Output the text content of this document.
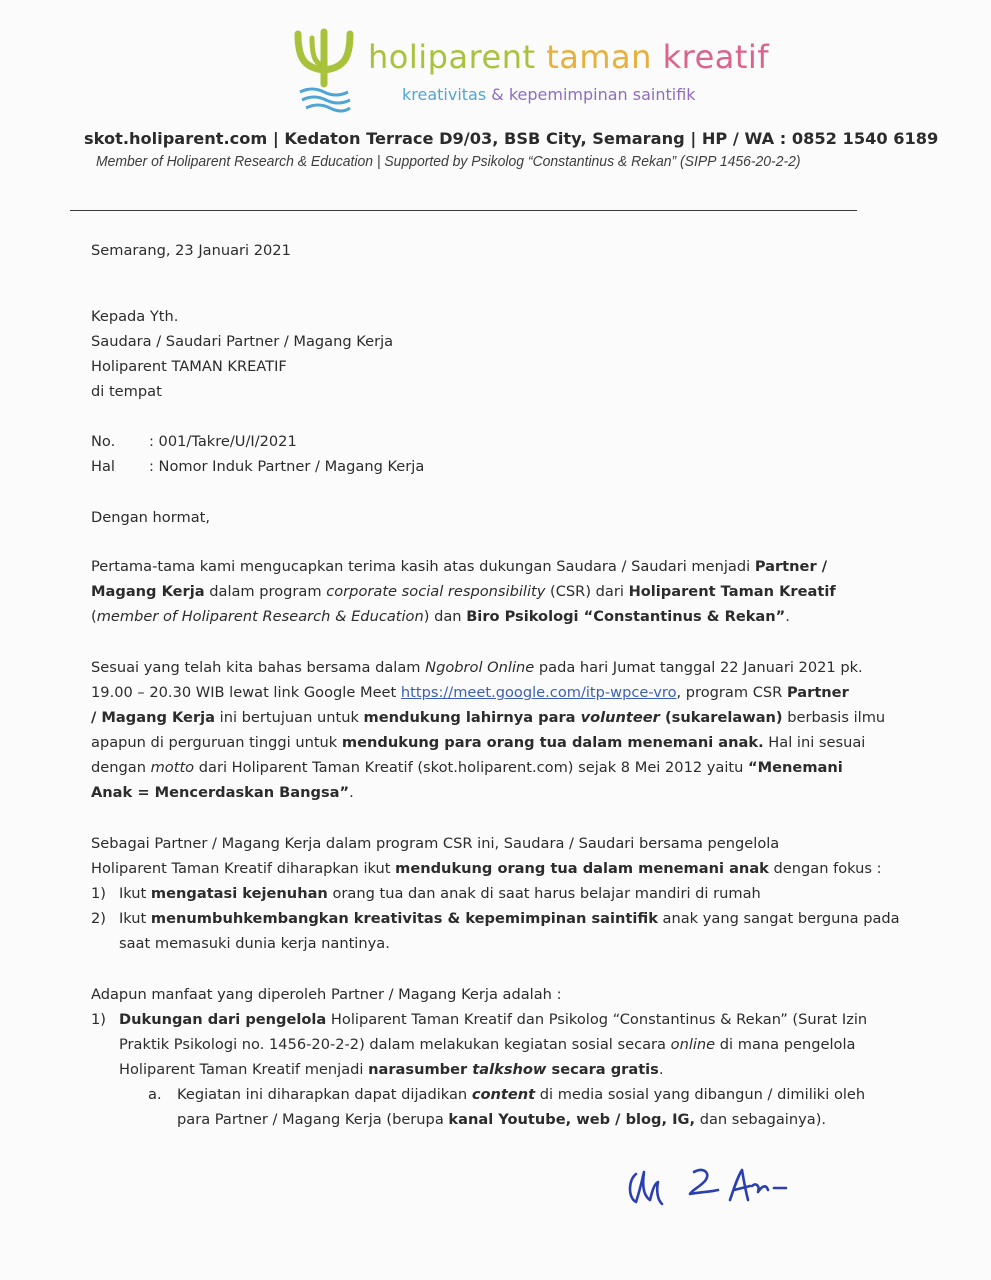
holiparent taman kreatif
kreativitas & kepemimpinan saintifik
skot.holiparent.com | Kedaton Terrace D9/03, BSB City, Semarang | HP / WA : 0852 1540 6189
Member of Holiparent Research & Education | Supported by Psikolog “Constantinus & Rekan” (SIPP 1456-20-2-2)
Semarang, 23 Januari 2021
Kepada Yth.
Saudara / Saudari Partner / Magang Kerja
Holiparent TAMAN KREATIF
di tempat
No. : 001/Takre/U/I/2021
Hal : Nomor Induk Partner / Magang Kerja
Dengan hormat,
Pertama-tama kami mengucapkan terima kasih atas dukungan Saudara / Saudari menjadi Partner /
Magang Kerja dalam program corporate social responsibility (CSR) dari Holiparent Taman Kreatif
(member of Holiparent Research & Education) dan Biro Psikologi “Constantinus & Rekan”.
Sesuai yang telah kita bahas bersama dalam Ngobrol Online pada hari Jumat tanggal 22 Januari 2021 pk.
19.00 – 20.30 WIB lewat link Google Meet https://meet.google.com/itp-wpce-vro, program CSR Partner
/ Magang Kerja ini bertujuan untuk mendukung lahirnya para volunteer (sukarelawan) berbasis ilmu
apapun di perguruan tinggi untuk mendukung para orang tua dalam menemani anak. Hal ini sesuai
dengan motto dari Holiparent Taman Kreatif (skot.holiparent.com) sejak 8 Mei 2012 yaitu “Menemani
Anak = Mencerdaskan Bangsa”.
Sebagai Partner / Magang Kerja dalam program CSR ini, Saudara / Saudari bersama pengelola
Holiparent Taman Kreatif diharapkan ikut mendukung orang tua dalam menemani anak dengan fokus :
1) Ikut mengatasi kejenuhan orang tua dan anak di saat harus belajar mandiri di rumah
2) Ikut menumbuhkembangkan kreativitas & kepemimpinan saintifik anak yang sangat berguna pada
saat memasuki dunia kerja nantinya.
Adapun manfaat yang diperoleh Partner / Magang Kerja adalah :
1) Dukungan dari pengelola Holiparent Taman Kreatif dan Psikolog “Constantinus & Rekan” (Surat Izin
Praktik Psikologi no. 1456-20-2-2) dalam melakukan kegiatan sosial secara online di mana pengelola
Holiparent Taman Kreatif menjadi narasumber talkshow secara gratis.
a. Kegiatan ini diharapkan dapat dijadikan content di media sosial yang dibangun / dimiliki oleh
para Partner / Magang Kerja (berupa kanal Youtube, web / blog, IG, dan sebagainya).
